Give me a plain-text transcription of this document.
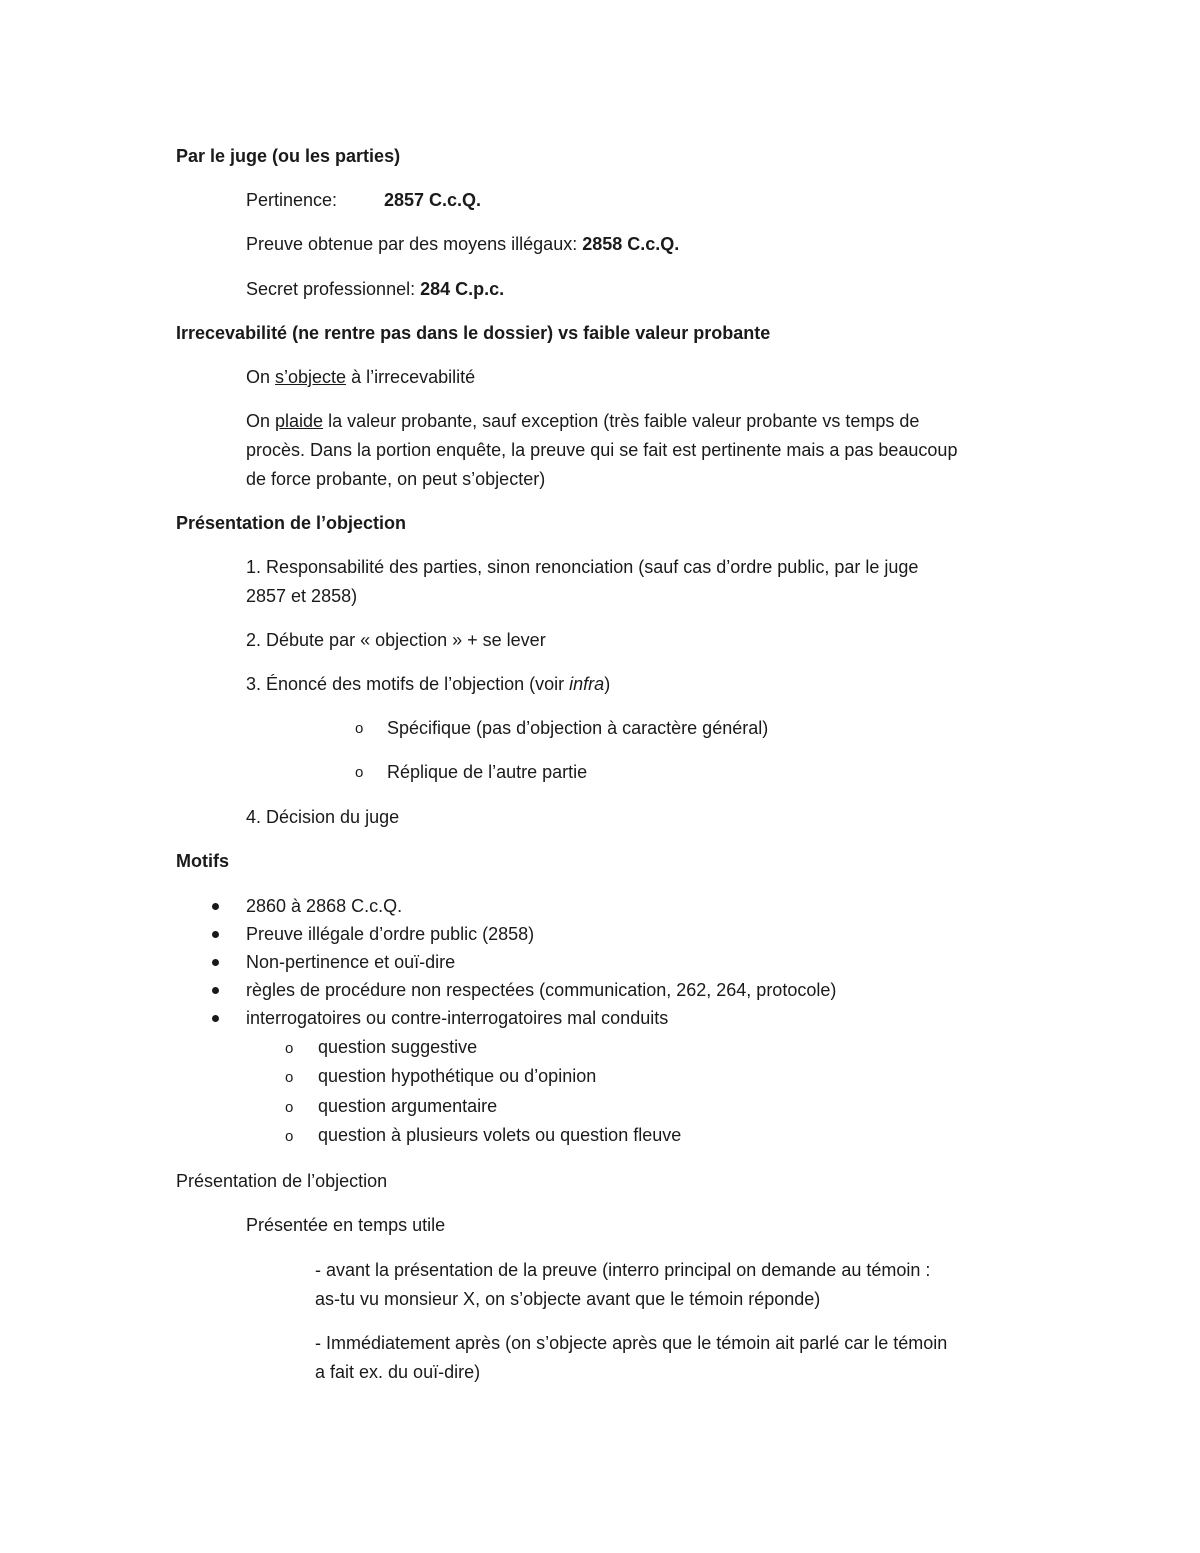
Par le juge (ou les parties)
Pertinence:	2857 C.c.Q.
Preuve obtenue par des moyens illégaux: 2858 C.c.Q.
Secret professionnel: 284 C.p.c.
Irrecevabilité (ne rentre pas dans le dossier) vs faible valeur probante
On s’objecte à l’irrecevabilité
On plaide la valeur probante, sauf exception (très faible valeur probante vs temps de
procès. Dans la portion enquête, la preuve qui se fait est pertinente mais a pas beaucoup
de force probante, on peut s’objecter)
Présentation de l’objection
1. Responsabilité des parties, sinon renonciation (sauf cas d’ordre public, par le juge
2857 et 2858)
2. Débute par « objection » + se lever
3. Énoncé des motifs de l’objection (voir infra)
o Spécifique (pas d’objection à caractère général)
o Réplique de l’autre partie
4. Décision du juge
Motifs
2860 à 2868 C.c.Q.
Preuve illégale d’ordre public (2858)
Non-pertinence et ouï-dire
règles de procédure non respectées (communication, 262, 264, protocole)
interrogatoires ou contre-interrogatoires mal conduits
o question suggestive
o question hypothétique ou d’opinion
o question argumentaire
o question à plusieurs volets ou question fleuve
Présentation de l’objection
Présentée en temps utile
- avant la présentation de la preuve (interro principal on demande au témoin :
as-tu vu monsieur X, on s’objecte avant que le témoin réponde)
- Immédiatement après (on s’objecte après que le témoin ait parlé car le témoin
a fait ex. du ouï-dire)
